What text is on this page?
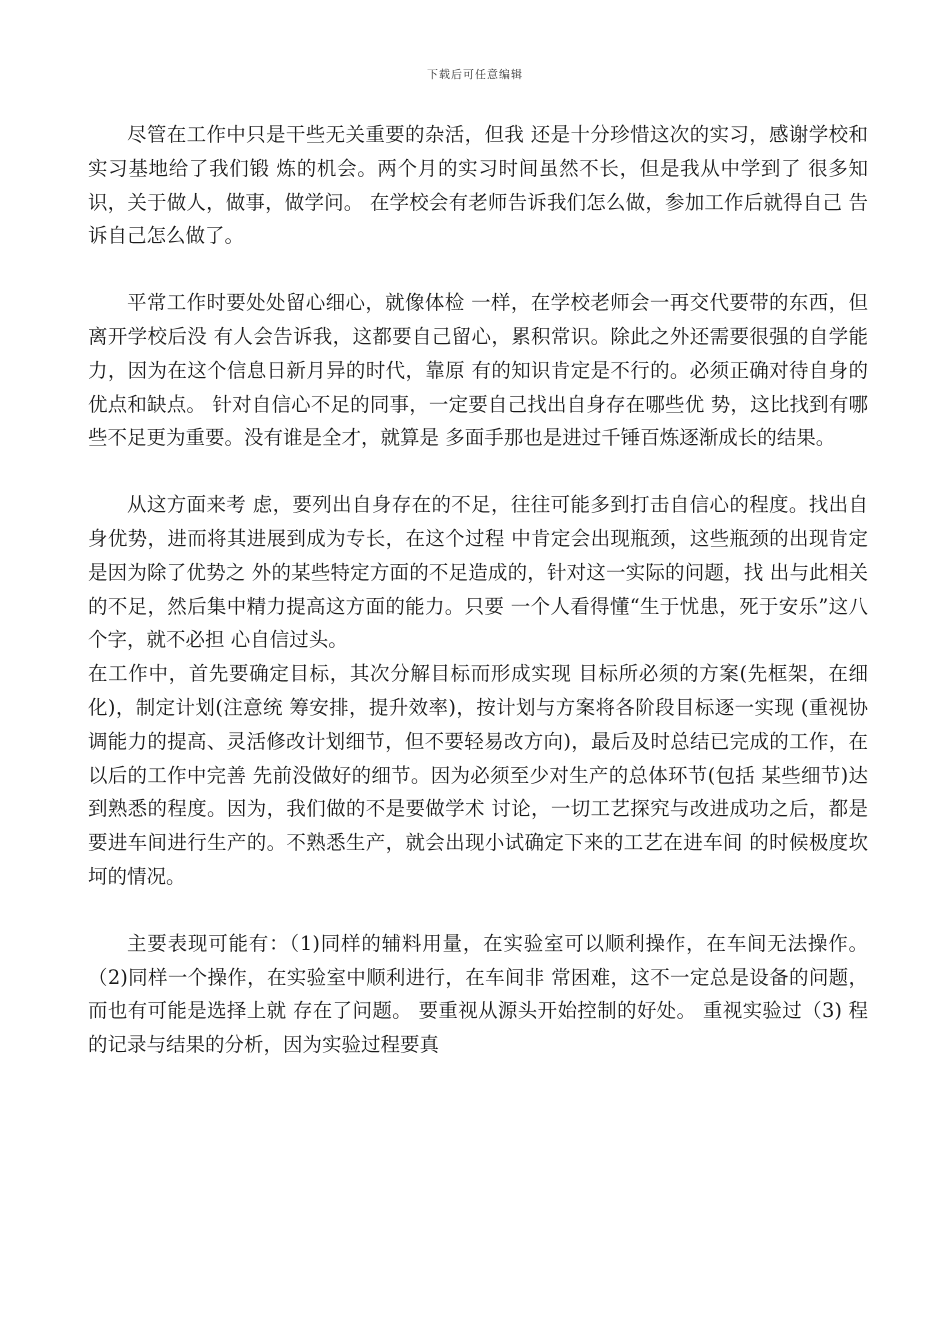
下载后可任意编辑

尽管在工作中只是干些无关重要的杂活，但我 还是十分珍惜这次的实习，感谢学校和实习基地给了我们锻 炼的机会。两个月的实习时间虽然不长，但是我从中学到了 很多知识，关于做人，做事，做学问。 在学校会有老师告诉我们怎么做，参加工作后就得自己 告诉自己怎么做了。

平常工作时要处处留心细心，就像体检 一样，在学校老师会一再交代要带的东西，但离开学校后没 有人会告诉我，这都要自己留心，累积常识。除此之外还需要很强的自学能力，因为在这个信息日新月异的时代，靠原 有的知识肯定是不行的。必须正确对待自身的优点和缺点。 针对自信心不足的同事，一定要自己找出自身存在哪些优 势，这比找到有哪些不足更为重要。没有谁是全才，就算是 多面手那也是进过千锤百炼逐渐成长的结果。

从这方面来考 虑，要列出自身存在的不足，往往可能多到打击自信心的程度。找出自身优势，进而将其进展到成为专长，在这个过程 中肯定会出现瓶颈，这些瓶颈的出现肯定是因为除了优势之 外的某些特定方面的不足造成的，针对这一实际的问题，找 出与此相关的不足，然后集中精力提高这方面的能力。只要 一个人看得懂“生于忧患，死于安乐”这八个字，就不必担 心自信过头。

在工作中，首先要确定目标，其次分解目标而形成实现 目标所必须的方案(先框架，在细化)，制定计划(注意统 筹安排，提升效率)，按计划与方案将各阶段目标逐一实现 (重视协调能力的提高、灵活修改计划细节，但不要轻易改方向)，最后及时总结已完成的工作，在以后的工作中完善 先前没做好的细节。因为必须至少对生产的总体环节(包括 某些细节)达到熟悉的程度。因为，我们做的不是要做学术 讨论，一切工艺探究与改进成功之后，都是要进车间进行生产的。不熟悉生产，就会出现小试确定下来的工艺在进车间 的时候极度坎坷的情况。

主要表现可能有：（1)同样的辅料用量，在实验室可以顺利操作，在车间无法操作。（2)同样一个操作，在实验室中顺利进行，在车间非 常困难，这不一定总是设备的问题，而也有可能是选择上就 存在了问题。 要重视从源头开始控制的好处。 重视实验过（3) 程的记录与结果的分析，因为实验过程要真
